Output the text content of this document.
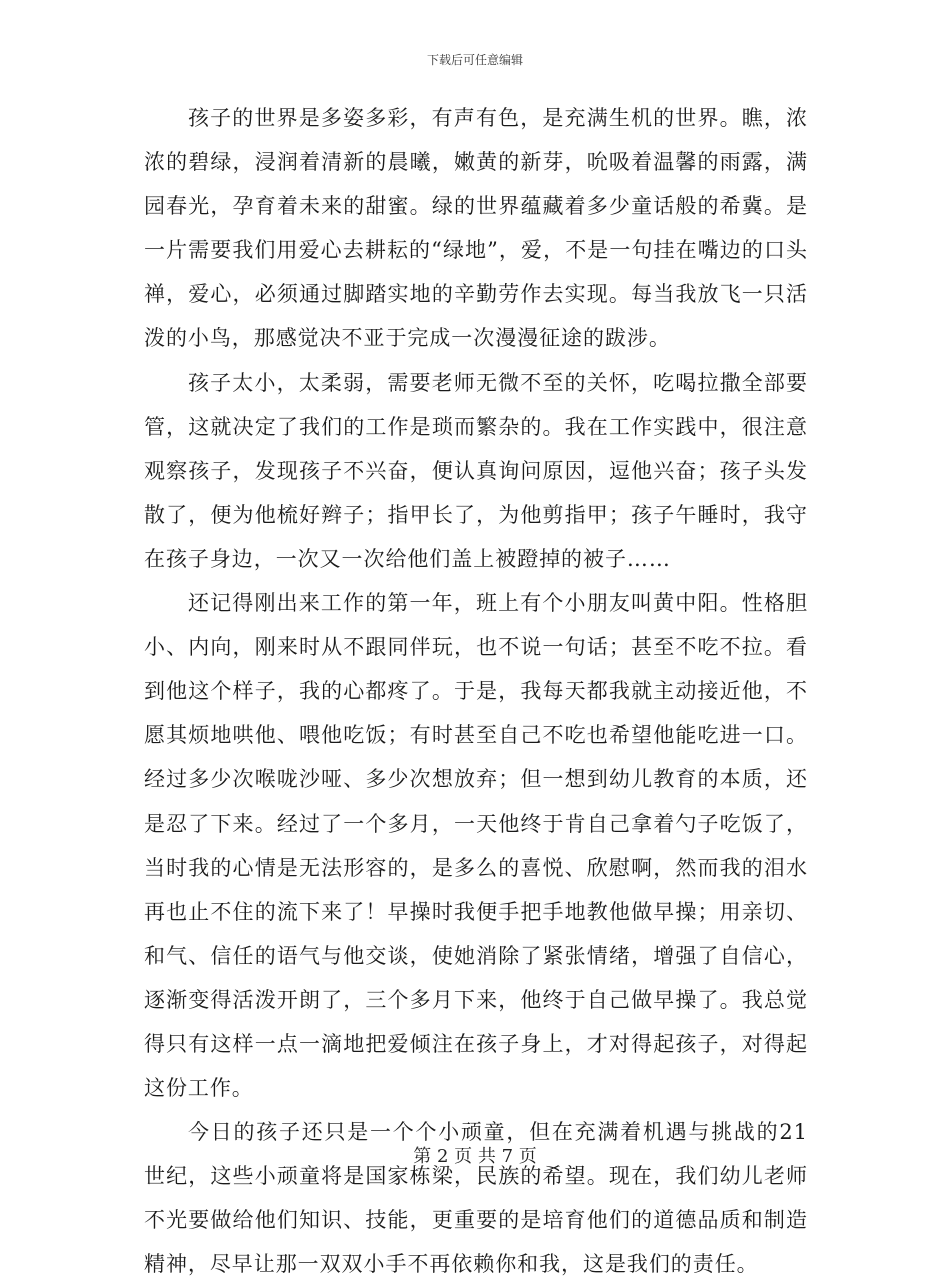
下载后可任意编辑

孩子的世界是多姿多彩，有声有色，是充满生机的世界。瞧，浓浓的碧绿，浸润着清新的晨曦，嫩黄的新芽，吮吸着温馨的雨露，满园春光，孕育着未来的甜蜜。绿的世界蕴藏着多少童话般的希冀。是一片需要我们用爱心去耕耘的“绿地”，爱，不是一句挂在嘴边的口头禅，爱心，必须通过脚踏实地的辛勤劳作去实现。每当我放飞一只活泼的小鸟，那感觉决不亚于完成一次漫漫征途的跋涉。

孩子太小，太柔弱，需要老师无微不至的关怀，吃喝拉撒全部要管，这就决定了我们的工作是琐而繁杂的。我在工作实践中，很注意观察孩子，发现孩子不兴奋，便认真询问原因，逗他兴奋；孩子头发散了，便为他梳好辫子；指甲长了，为他剪指甲；孩子午睡时，我守在孩子身边，一次又一次给他们盖上被蹬掉的被子……

还记得刚出来工作的第一年，班上有个小朋友叫黄中阳。性格胆小、内向，刚来时从不跟同伴玩，也不说一句话；甚至不吃不拉。看到他这个样子，我的心都疼了。于是，我每天都我就主动接近他，不愿其烦地哄他、喂他吃饭；有时甚至自己不吃也希望他能吃进一口。经过多少次喉咙沙哑、多少次想放弃；但一想到幼儿教育的本质，还是忍了下来。经过了一个多月，一天他终于肯自己拿着勺子吃饭了，当时我的心情是无法形容的，是多么的喜悦、欣慰啊，然而我的泪水再也止不住的流下来了！早操时我便手把手地教他做早操；用亲切、和气、信任的语气与他交谈，使她消除了紧张情绪，增强了自信心，逐渐变得活泼开朗了，三个多月下来，他终于自己做早操了。我总觉得只有这样一点一滴地把爱倾注在孩子身上，才对得起孩子，对得起这份工作。

今日的孩子还只是一个个小顽童，但在充满着机遇与挑战的21世纪，这些小顽童将是国家栋梁，民族的希望。现在，我们幼儿老师不光要做给他们知识、技能，更重要的是培育他们的道德品质和制造精神，尽早让那一双双小手不再依赖你和我，这是我们的责任。

第 2 页 共 7 页
